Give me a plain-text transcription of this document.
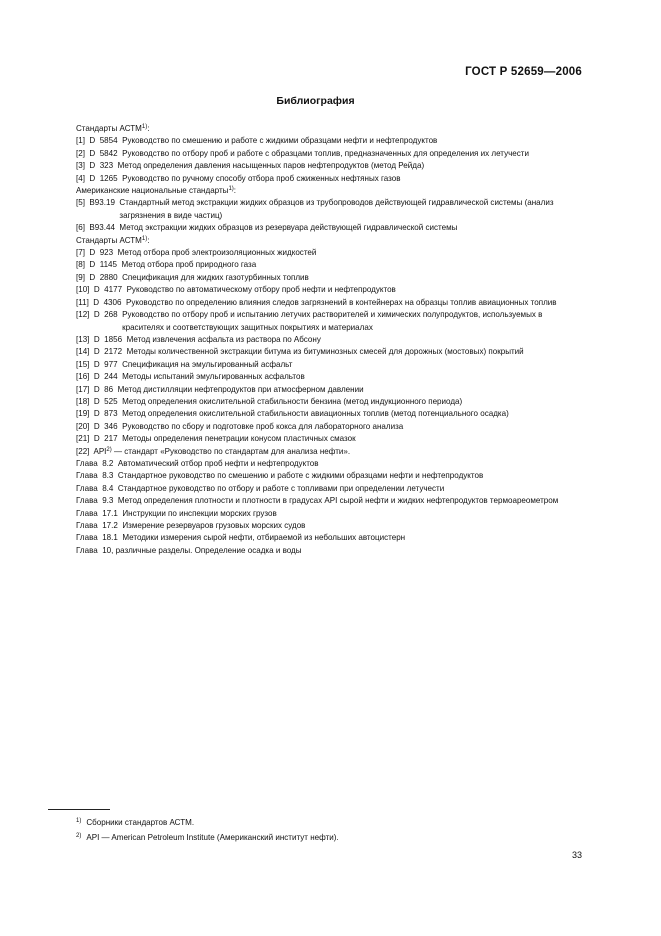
ГОСТ Р 52659—2006
Библиография
Стандарты АСТМ$^{1)}$:
[1]  D  5854 Руководство по смешению и работе с жидкими образцами нефти и нефтепродуктов
[2]  D  5842 Руководство по отбору проб и работе с образцами топлив, предназначенных для определения их летучести
[3]  D  323 Метод определения давления насыщенных паров нефтепродуктов (метод Рейда)
[4]  D  1265 Руководство по ручному способу отбора проб сжиженных нефтяных газов
Американские национальные стандарты$^{1)}$:
[5]  B93.19 Стандартный метод экстракции жидких образцов из трубопроводов действующей гидравлической системы (анализ загрязнения в виде частиц)
[6]  B93.44 Метод экстракции жидких образцов из резервуара действующей гидравлической системы
Стандарты АСТМ$^{1)}$:
[7]  D  923 Метод отбора проб электроизоляционных жидкостей
[8]  D  1145 Метод отбора проб природного газа
[9]  D  2880 Спецификация для жидких газотурбинных топлив
[10]  D  4177 Руководство по автоматическому отбору проб нефти и нефтепродуктов
[11]  D  4306 Руководство по определению влияния следов загрязнений в контейнерах на образцы топлив авиационных топлив
[12]  D  268 Руководство по отбору проб и испытанию летучих растворителей и химических полупродуктов, используемых в красителях и соответствующих защитных покрытиях и материалах
[13]  D  1856 Метод извлечения асфальта из раствора по Абсону
[14]  D  2172 Методы количественной экстракции битума из битуминозных смесей для дорожных (мостовых) покрытий
[15]  D  977 Спецификация на эмульгированный асфальт
[16]  D  244 Методы испытаний эмульгированных асфальтов
[17]  D  86 Метод дистилляции нефтепродуктов при атмосферном давлении
[18]  D  525 Метод определения окислительной стабильности бензина (метод индукционного периода)
[19]  D  873 Метод определения окислительной стабильности авиационных топлив (метод потенциального осадка)
[20]  D  346 Руководство по сбору и подготовке проб кокса для лабораторного анализа
[21]  D  217 Методы определения пенетрации конусом пластичных смазок
[22]  API$^{2)}$ — стандарт «Руководство по стандартам для анализа нефти».
Глава  8.2 Автоматический отбор проб нефти и нефтепродуктов
Глава  8.3 Стандартное руководство по смешению и работе с жидкими образцами нефти и нефтепродуктов
Глава  8.4 Стандартное руководство по отбору и работе с топливами при определении летучести
Глава  9.3 Метод определения плотности и плотности в градусах API сырой нефти и жидких нефтепродуктов термоареометром
Глава  17.1 Инструкции по инспекции морских грузов
Глава  17.2 Измерение резервуаров грузовых морских судов
Глава  18.1 Методики измерения сырой нефти, отбираемой из небольших автоцистерн
Глава  10, различные разделы. Определение осадка и воды
$^{1)}$ Сборники стандартов АСТМ.
$^{2)}$ API — American Petroleum Institute (Американский институт нефти).
33
